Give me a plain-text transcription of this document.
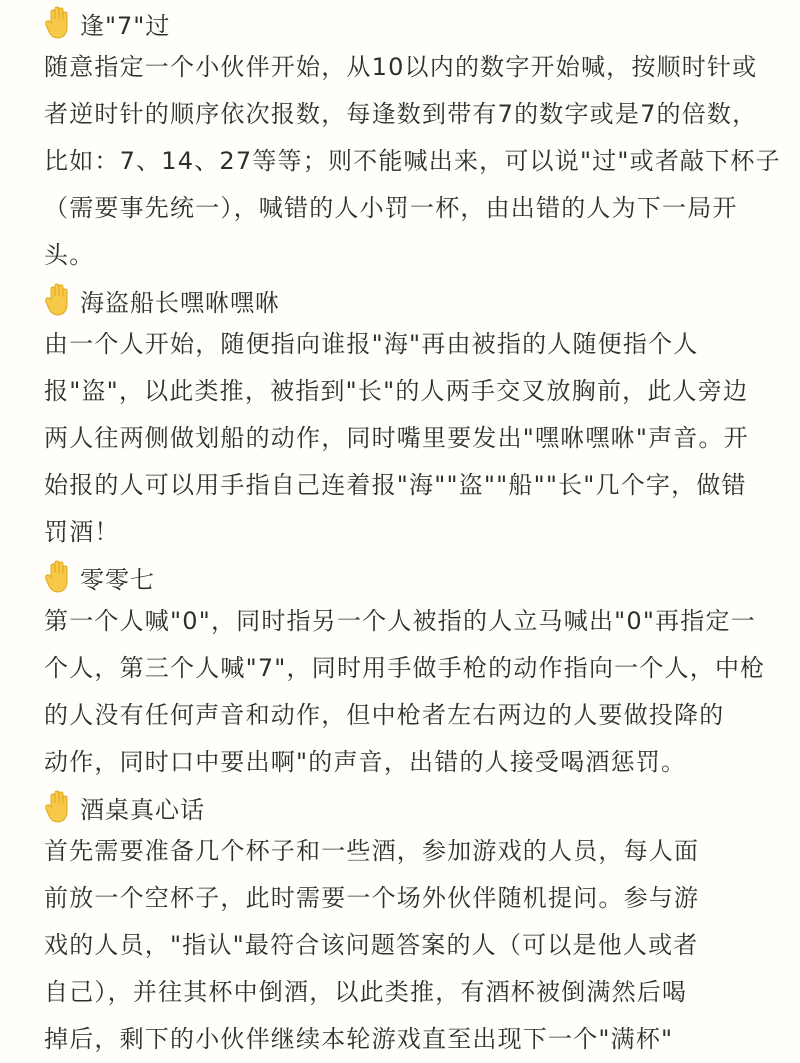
逢"7"过
随意指定一个小伙伴开始，从10以内的数字开始喊，按顺时针或
者逆时针的顺序依次报数，每逢数到带有7的数字或是7的倍数，
比如：7、14、27等等；则不能喊出来，可以说"过"或者敲下杯子
（需要事先统一），喊错的人小罚一杯，由出错的人为下一局开
头。
海盗船长嘿咻嘿咻
由一个人开始，随便指向谁报"海"再由被指的人随便指个人
报"盗"，以此类推，被指到"长"的人两手交叉放胸前，此人旁边
两人往两侧做划船的动作，同时嘴里要发出"嘿咻嘿咻"声音。开
始报的人可以用手指自己连着报"海""盗""船""长"几个字，做错
罚酒！
零零七
第一个人喊"0"，同时指另一个人被指的人立马喊出"0"再指定一
个人，第三个人喊"7"，同时用手做手枪的动作指向一个人，中枪
的人没有任何声音和动作，但中枪者左右两边的人要做投降的
动作，同时口中要出啊"的声音，出错的人接受喝酒惩罚。
酒桌真心话
首先需要准备几个杯子和一些酒，参加游戏的人员，每人面
前放一个空杯子，此时需要一个场外伙伴随机提问。参与游
戏的人员，"指认"最符合该问题答案的人（可以是他人或者
自己），并往其杯中倒酒，以此类推，有酒杯被倒满然后喝
掉后，剩下的小伙伴继续本轮游戏直至出现下一个"满杯"
